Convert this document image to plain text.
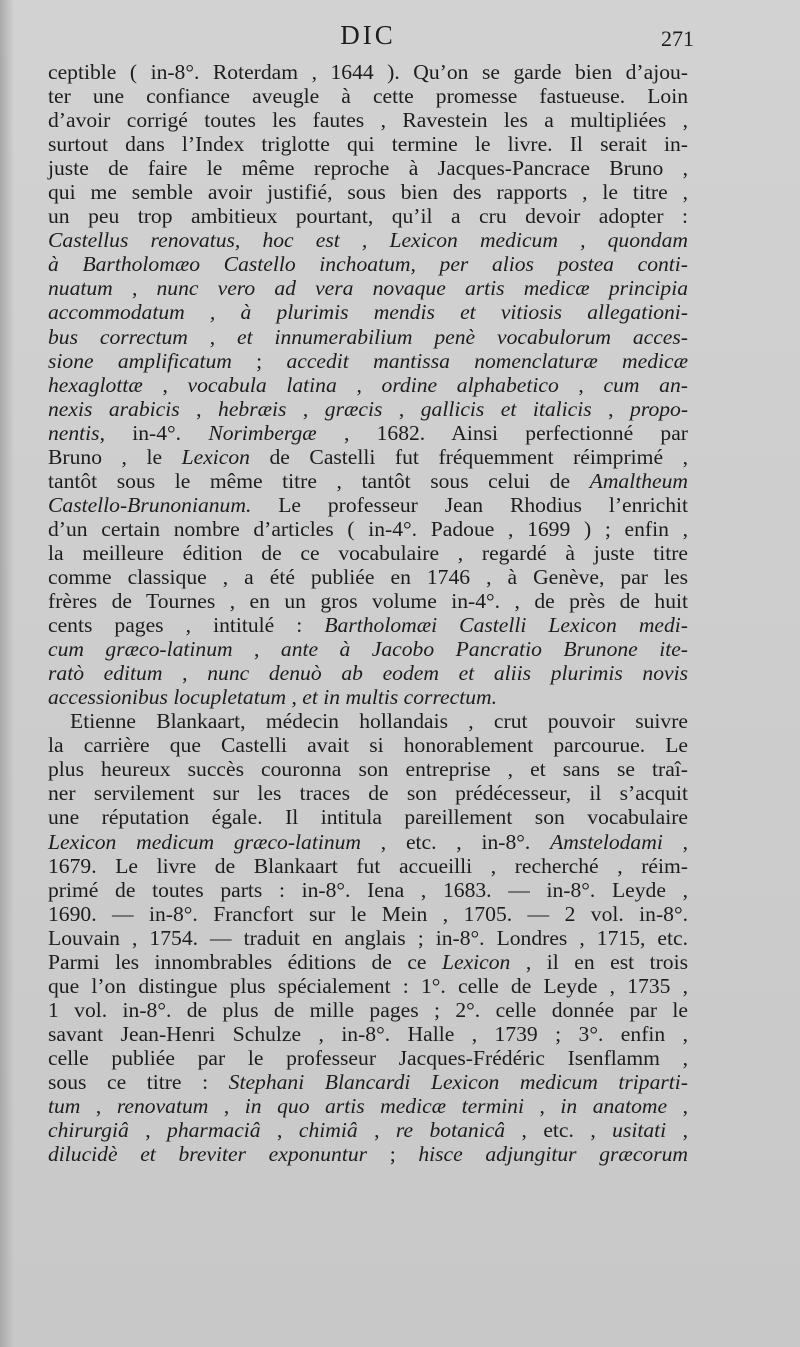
DIC	271
ceptible ( in-8°. Roterdam , 1644 ). Qu’on se garde bien d’ajou-
ter une confiance aveugle à cette promesse fastueuse. Loin
d’avoir corrigé toutes les fautes , Ravestein les a multipliées ,
surtout dans l’Index triglotte qui termine le livre. Il serait in-
juste de faire le même reproche à Jacques-Pancrace Bruno ,
qui me semble avoir justifié, sous bien des rapports , le titre ,
un peu trop ambitieux pourtant, qu’il a cru devoir adopter :
Castellus renovatus, hoc est , Lexicon medicum , quondam
à Bartholomæo Castello inchoatum, per alios postea conti-
nuatum , nunc vero ad vera novaque artis medicæ principia
accommodatum , à plurimis mendis et vitiosis allegationi-
bus correctum , et innumerabilium penè vocabulorum acces-
sione amplificatum ; accedit mantissa nomenclaturæ medicæ
hexaglottæ , vocabula latina , ordine alphabetico , cum an-
nexis arabicis , hebræis , græcis , gallicis et italicis , propo-
nentis, in-4°. Norimbergæ , 1682. Ainsi perfectionné par
Bruno , le Lexicon de Castelli fut fréquemment réimprimé ,
tantôt sous le même titre , tantôt sous celui de Amaltheum
Castello-Brunonianum. Le professeur Jean Rhodius l’enrichit
d’un certain nombre d’articles ( in-4°. Padoue , 1699 ) ; enfin ,
la meilleure édition de ce vocabulaire , regardé à juste titre
comme classique , a été publiée en 1746 , à Genève, par les
frères de Tournes , en un gros volume in-4°. , de près de huit
cents pages , intitulé : Bartholomæi Castelli Lexicon medi-
cum græco-latinum , ante à Jacobo Pancratio Brunone ite-
ratò editum , nunc denuò ab eodem et aliis plurimis novis
accessionibus locupletatum , et in multis correctum.
Etienne Blankaart, médecin hollandais , crut pouvoir suivre
la carrière que Castelli avait si honorablement parcourue. Le
plus heureux succès couronna son entreprise , et sans se traî-
ner servilement sur les traces de son prédécesseur, il s’acquit
une réputation égale. Il intitula pareillement son vocabulaire
Lexicon medicum græco-latinum , etc. , in-8°. Amstelodami ,
1679. Le livre de Blankaart fut accueilli , recherché , réim-
primé de toutes parts : in-8°. Iena , 1683. — in-8°. Leyde ,
1690. — in-8°. Francfort sur le Mein , 1705. — 2 vol. in-8°.
Louvain , 1754. — traduit en anglais ; in-8°. Londres , 1715, etc.
Parmi les innombrables éditions de ce Lexicon , il en est trois
que l’on distingue plus spécialement : 1°. celle de Leyde , 1735 ,
1 vol. in-8°. de plus de mille pages ; 2°. celle donnée par le
savant Jean-Henri Schulze , in-8°. Halle , 1739 ; 3°. enfin ,
celle publiée par le professeur Jacques-Frédéric Isenflamm ,
sous ce titre : Stephani Blancardi Lexicon medicum triparti-
tum , renovatum , in quo artis medicæ termini , in anatome ,
chirurgiâ , pharmaciâ , chimiâ , re botanicâ , etc. , usitati ,
dilucidè et breviter exponuntur ; hisce adjungitur græcorum
